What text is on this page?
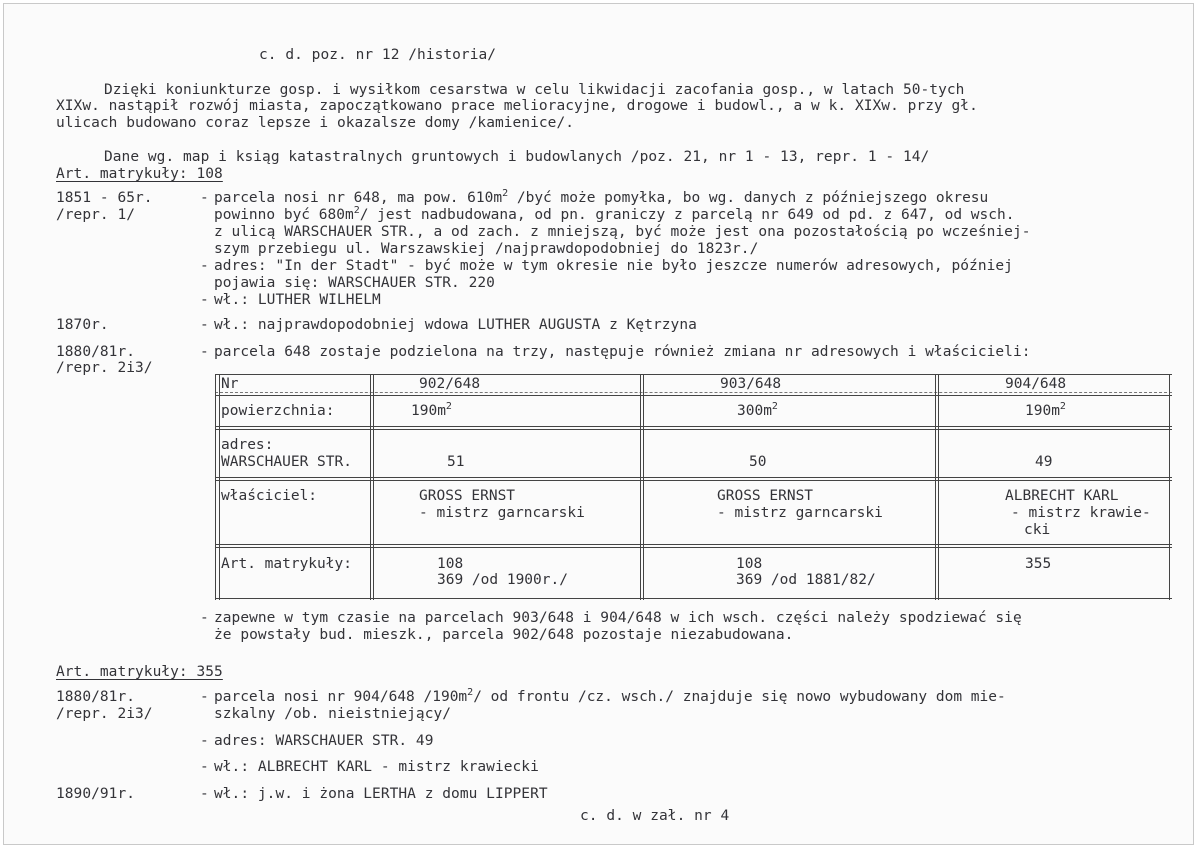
c. d. poz. nr 12 /historia/
Dzięki koniunkturze gosp. i wysiłkom cesarstwa w celu likwidacji zacofania gosp., w latach 50-tych
XIXw. nastąpił rozwój miasta, zapoczątkowano prace melioracyjne, drogowe i budowl., a w k. XIXw. przy gł.
ulicach budowano coraz lepsze i okazalsze domy /kamienice/.
Dane wg. map i ksiąg katastralnych gruntowych i budowlanych /poz. 21, nr 1 - 13, repr. 1 - 14/
Art. matrykuły: 108
1851 - 65r.
/repr. 1/
- parcela nosi nr 648, ma pow. $610m^2$ /być może pomyłka, bo wg. danych z późniejszego okresu
powinno być $680m^2/$ jest nadbudowana, od pn. graniczy z parcelą nr 649 od pd. z 647, od wsch.
z ulicą WARSCHAUER STR., a od zach. z mniejszą, być może jest ona pozostałością po wcześniej-
szym przebiegu ul. Warszawskiej /najprawdopodobniej do 1823r./
- adres: "In der Stadt" - być może w tym okresie nie było jeszcze numerów adresowych, później
pojawia się: WARSCHAUER STR. 220
- wł.: LUTHER WILHELM
1870r.	- wł.: najprawdopodobniej wdowa LUTHER AUGUSTA z Kętrzyna
1880/81r.
/repr. 2i3/
- parcela 648 zostaje podzielona na trzy, następuje również zmiana nr adresowych i właścicieli:
Nr
powierzchnia:
adres:
WARSCHAUER STR.
właściciel:
Art. matrykuły:
902/648
$190m^2$
51
GROSS ERNST
- mistrz garncarski
108
369 /od 1900r./
903/648
$300m^2$
50
GROSS ERNST
- mistrz garncarski
108
369 /od 1881/82/
904/648
$190m^2$
49
ALBRECHT KARL
- mistrz krawie-
cki
355
- zapewne w tym czasie na parcelach 903/648 i 904/648 w ich wsch. części należy spodziewać się
że powstały bud. mieszk., parcela 902/648 pozostaje niezabudowana.
Art. matrykuły: 355
1880/81r.
/repr. 2i3/
- parcela nosi nr 904/648 $/190m^2/$ od frontu /cz. wsch./ znajduje się nowo wybudowany dom mie-
szkalny /ob. nieistniejący/
- adres: WARSCHAUER STR. 49
- wł.: ALBRECHT KARL - mistrz krawiecki
1890/91r.	- wł.: j.w. i żona LERTHA z domu LIPPERT
c. d. w zał. nr 4
